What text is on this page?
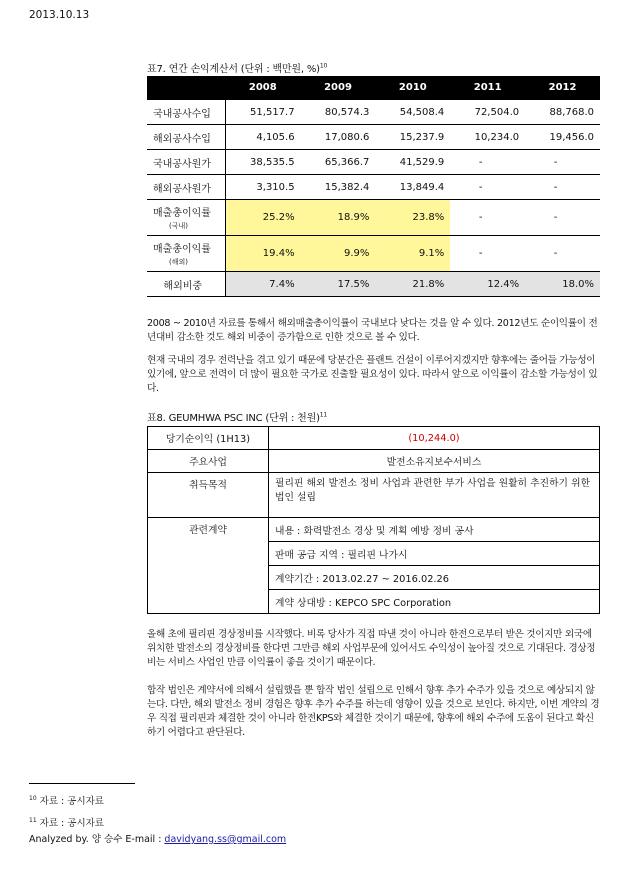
2013.10.13
표7. 연간 손익계산서 (단위 : 백만원, %)$^{10}$
	2008	2009	2010	2011	2012
국내공사수입	51,517.7	80,574.3	54,508.4	72,504.0	88,768.0
해외공사수입	4,105.6	17,080.6	15,237.9	10,234.0	19,456.0
국내공사원가	38,535.5	65,366.7	41,529.9	-	-
해외공사원가	3,310.5	15,382.4	13,849.4	-	-
매출총이익률
(국내)	25.2%	18.9%	23.8%	-	-
매출총이익률
(해외)	19.4%	9.9%	9.1%	-	-
해외비중	7.4%	17.5%	21.8%	12.4%	18.0%
2008 ~ 2010년 자료를 통해서 해외매출총이익률이 국내보다 낮다는 것을 알 수 있다. 2012년도 순이익률이 전년대비 감소한 것도 해외 비중이 증가함으로 인한 것으로 볼 수 있다.
현재 국내의 경우 전력난을 겪고 있기 때문에 당분간은 플랜트 건설이 이루어지겠지만 향후에는 줄어들 가능성이 있기에, 앞으로 전력이 더 많이 필요한 국가로 진출할 필요성이 있다. 따라서 앞으로 이익률이 감소할 가능성이 있다.
표8. GEUMHWA PSC INC (단위 : 천원)$^{11}$
당기순이익 (1H13)	(10,244.0)
주요사업	발전소유지보수서비스
취득목적	필리핀 해외 발전소 정비 사업과 관련한 부가 사업을 원활히 추진하기 위한 법인 설립
관련계약	내용 : 화력발전소 경상 및 계획 예방 정비 공사
	판매 공급 지역 : 필리핀 나가시
	계약기간 : 2013.02.27 ~ 2016.02.26
	계약 상대방 : KEPCO SPC Corporation
올해 초에 필리핀 경상정비를 시작했다. 비록 당사가 직접 따낸 것이 아니라 한전으로부터 받은 것이지만 외국에 위치한 발전소의 경상정비를 한다면 그만큼 해외 사업부문에 있어서도 수익성이 높아질 것으로 기대된다. 경상정비는 서비스 사업인 만큼 이익률이 좋을 것이기 때문이다.
합작 법인은 계약서에 의해서 설립했을 뿐 합작 법인 설립으로 인해서 향후 추가 수주가 있을 것으로 예상되지 않는다. 다만, 해외 발전소 정비 경험은 향후 추가 수주를 하는데 영향이 있을 것으로 보인다. 하지만, 이번 계약의 경우 직접 필리핀과 체결한 것이 아니라 한전KPS와 체결한 것이기 때문에, 향후에 해외 수주에 도움이 된다고 확신하기 어렵다고 판단된다.
$^{10}$ 자료 : 공시자료
$^{11}$ 자료 : 공시자료
Analyzed by. 양 승수 E-mail : davidyang.ss@gmail.com
